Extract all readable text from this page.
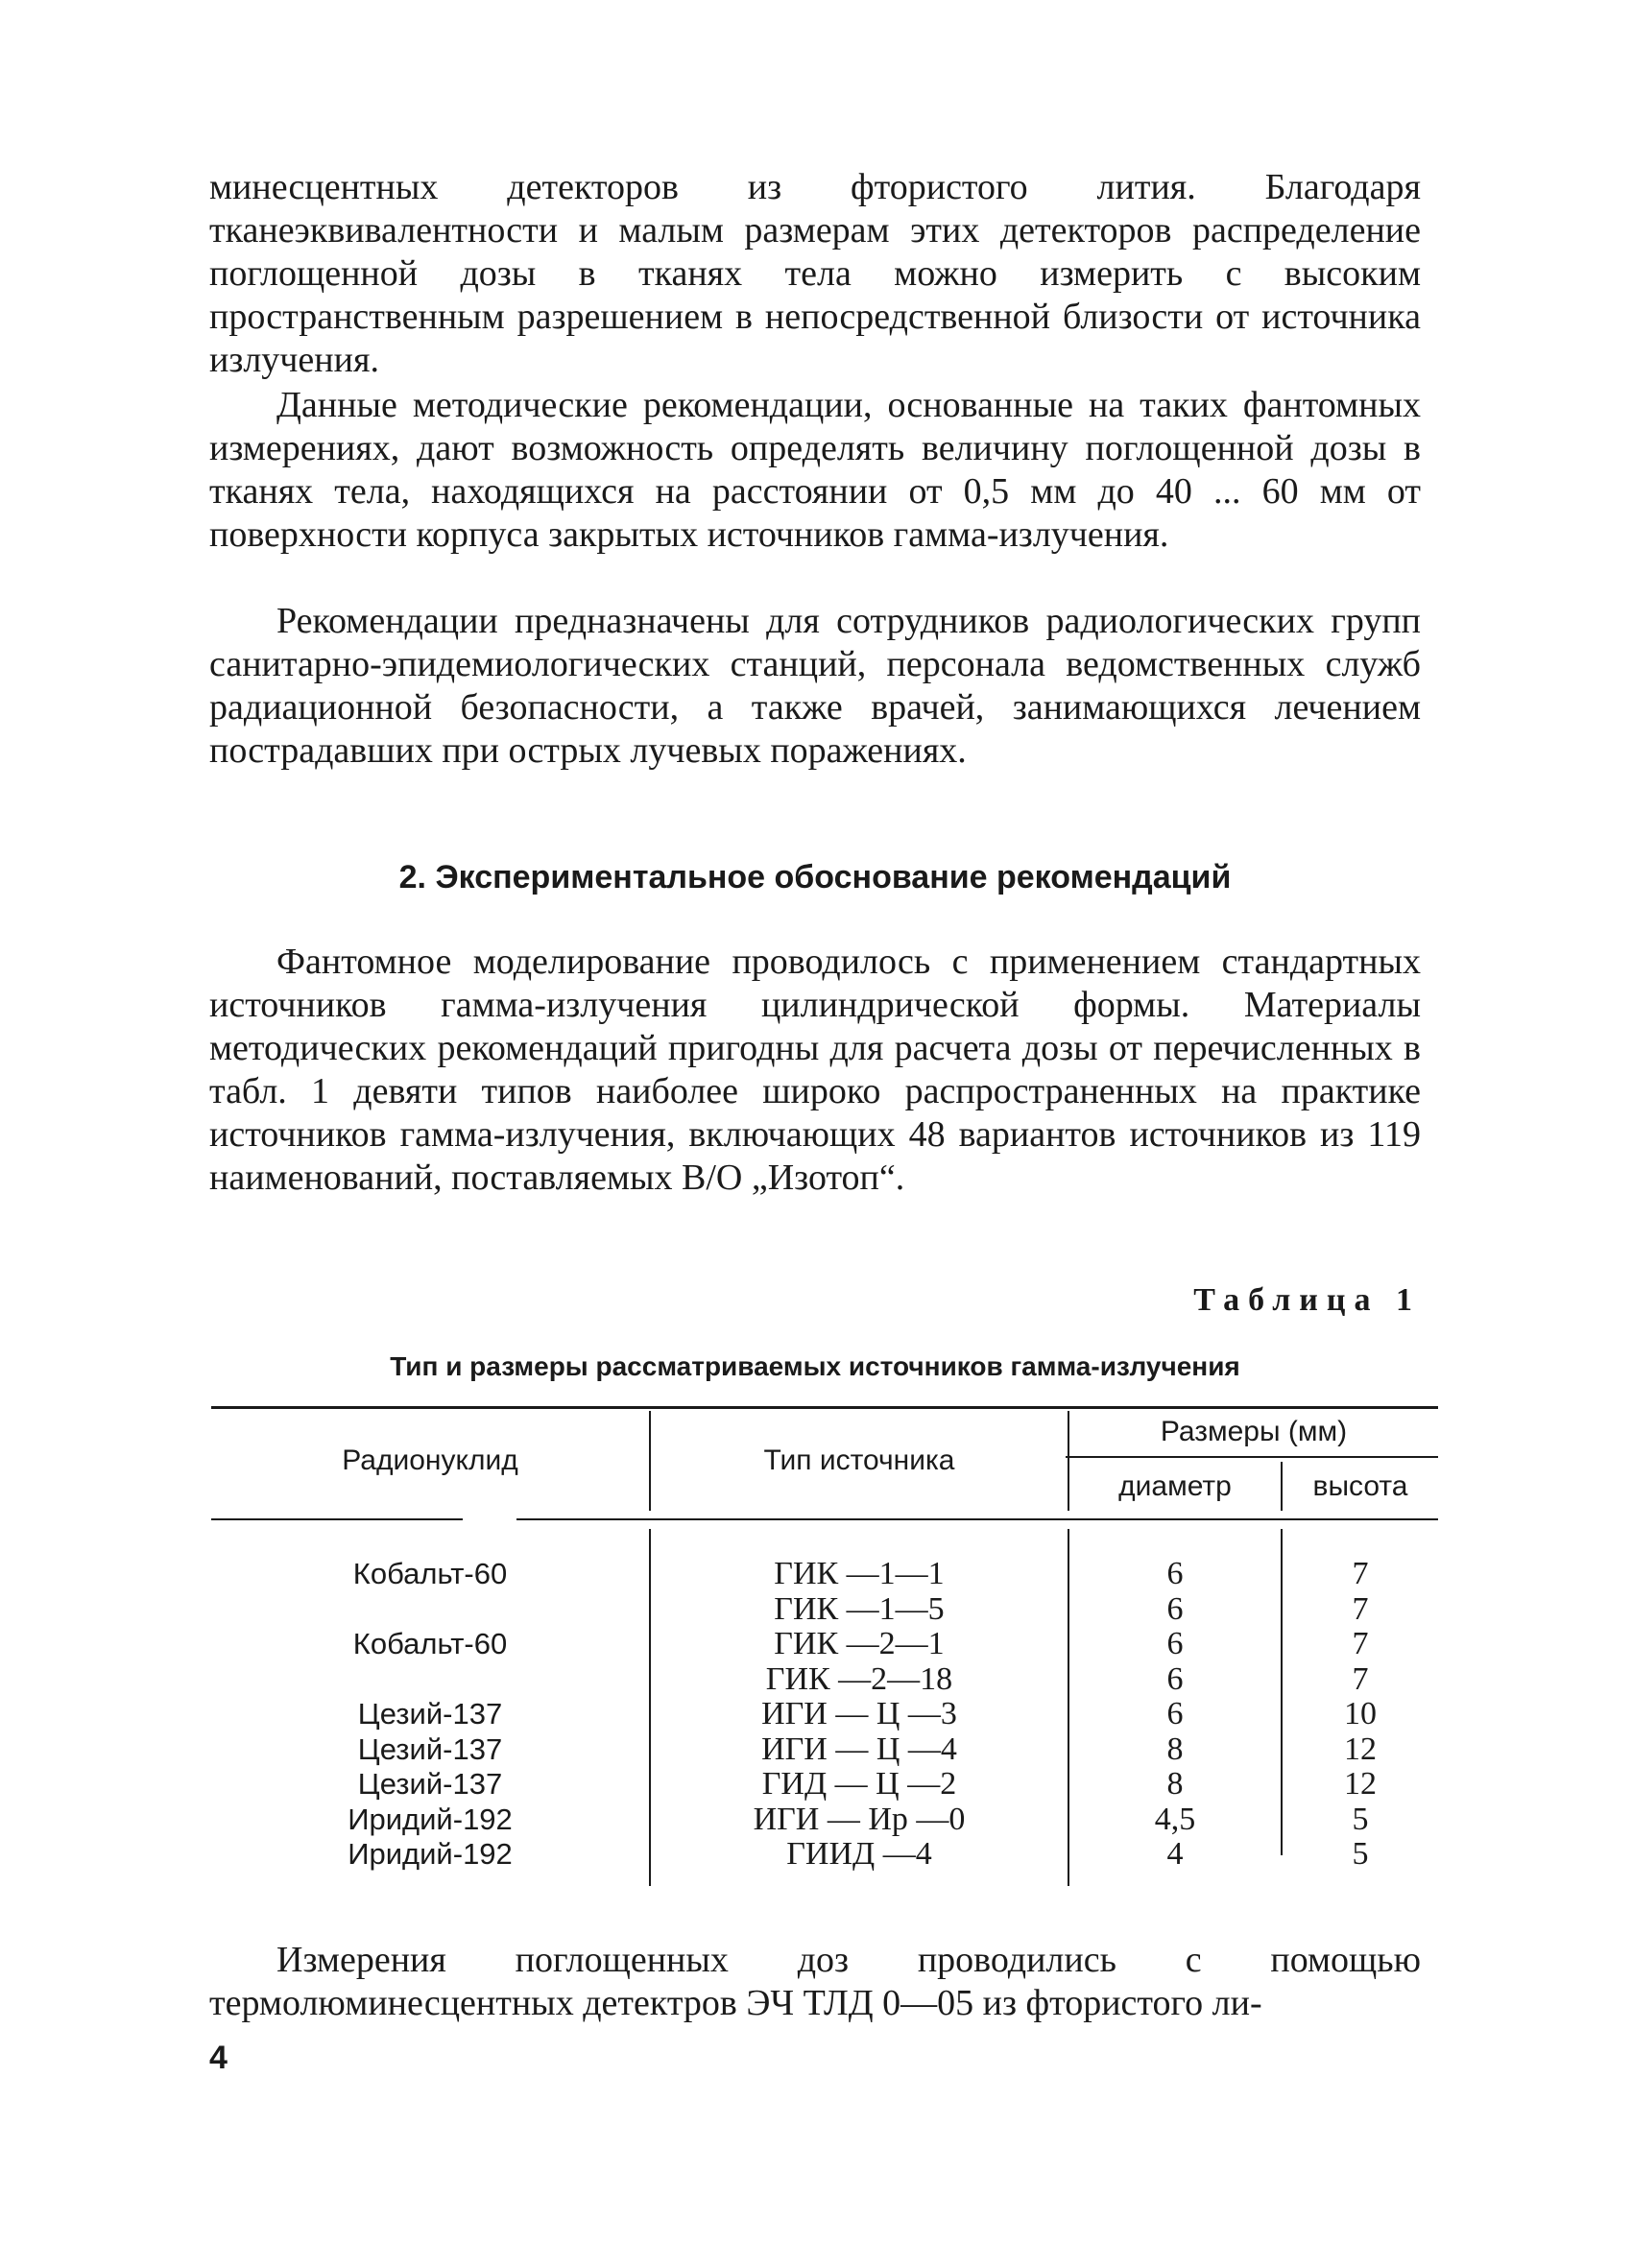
минесцентных детекторов из фтористого лития. Благодаря тканеэквивалентности и малым размерам этих детекторов распределение поглощенной дозы в тканях тела можно измерить с высоким пространственным разрешением в непосредственной близости от источника излучения.

Данные методические рекомендации, основанные на таких фантомных измерениях, дают возможность определять величину поглощенной дозы в тканях тела, находящихся на расстоянии от 0,5 мм до 40 ... 60 мм от поверхности корпуса закрытых источников гамма-излучения.

Рекомендации предназначены для сотрудников радиологических групп санитарно-эпидемиологических станций, персонала ведомственных служб радиационной безопасности, а также врачей, занимающихся лечением пострадавших при острых лучевых поражениях.

2. Экспериментальное обоснование рекомендаций

Фантомное моделирование проводилось с применением стандартных источников гамма-излучения цилиндрической формы. Материалы методических рекомендаций пригодны для расчета дозы от перечисленных в табл. 1 девяти типов наиболее широко распространенных на практике источников гамма-излучения, включающих 48 вариантов источников из 119 наименований, поставляемых В/О „Изотоп“.

Таблица 1

Тип и размеры рассматриваемых источников гамма-излучения

Радионуклид	Тип источника
Размеры (мм)
диаметр	высота
Кобальт-60
Кобальт-60
Цезий-137
Цезий-137
Цезий-137
Иридий-192
Иридий-192
ГИК —1—1
ГИК —1—5
ГИК —2—1
ГИК —2—18
ИГИ — Ц —3
ИГИ — Ц —4
ГИД — Ц —2
ИГИ — Ир —0
ГИИД —4
6
6
6
6
6
8
8
4,5
4
7
7
7
7
10
12
12
5
5

Измерения поглощенных доз проводились с помощью термолюминесцентных детектров ЭЧ ТЛД 0—05 из фтористого ли-

4
